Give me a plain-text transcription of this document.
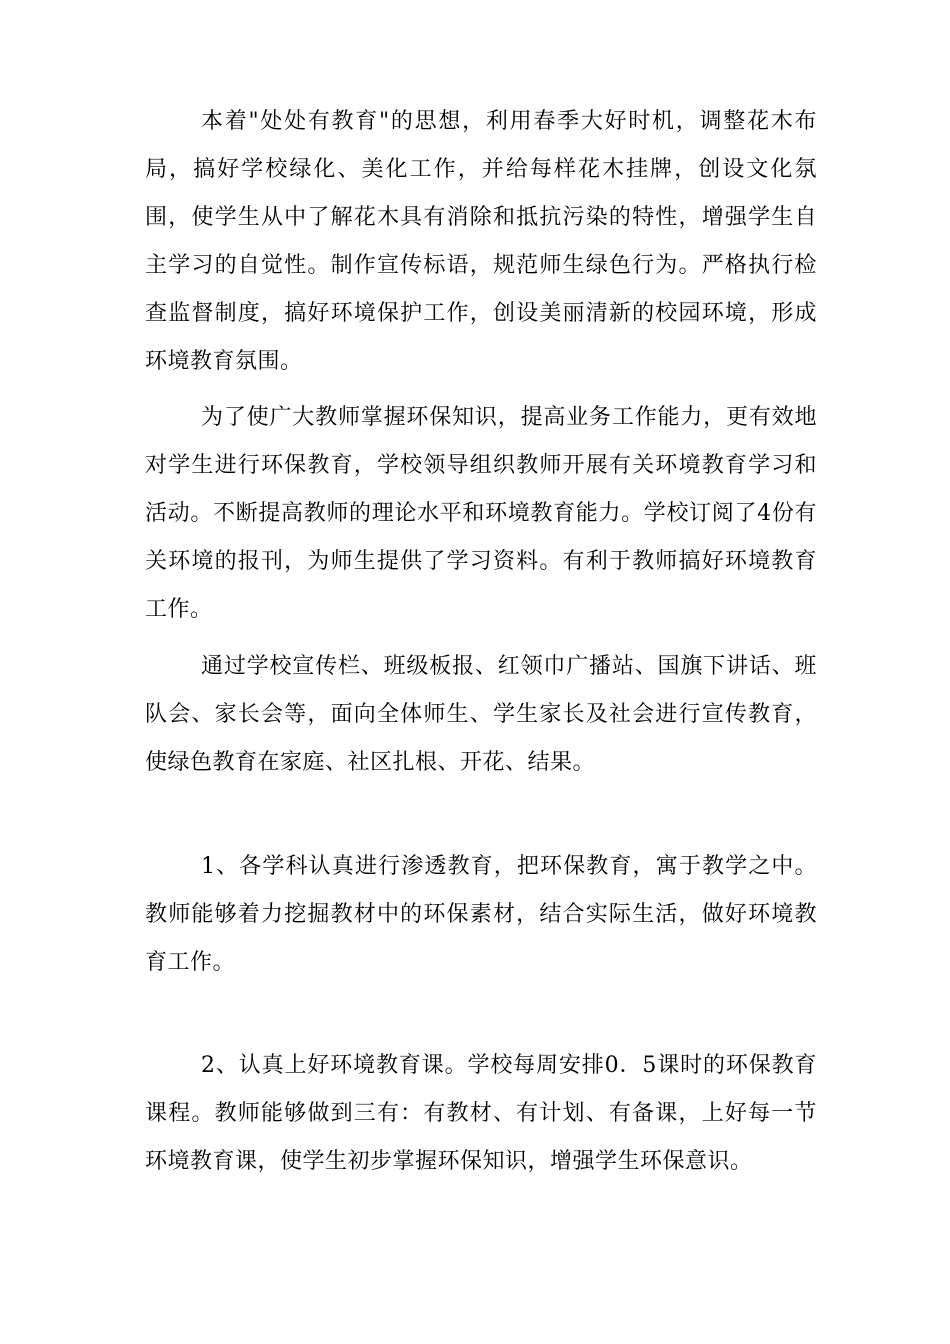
本着"处处有教育"的思想，利用春季大好时机，调整花木布局，搞好学校绿化、美化工作，并给每样花木挂牌，创设文化氛围，使学生从中了解花木具有消除和抵抗污染的特性，增强学生自主学习的自觉性。制作宣传标语，规范师生绿色行为。严格执行检查监督制度，搞好环境保护工作，创设美丽清新的校园环境，形成环境教育氛围。

为了使广大教师掌握环保知识，提高业务工作能力，更有效地对学生进行环保教育，学校领导组织教师开展有关环境教育学习和活动。不断提高教师的理论水平和环境教育能力。学校订阅了4份有关环境的报刊，为师生提供了学习资料。有利于教师搞好环境教育工作。

通过学校宣传栏、班级板报、红领巾广播站、国旗下讲话、班队会、家长会等，面向全体师生、学生家长及社会进行宣传教育，使绿色教育在家庭、社区扎根、开花、结果。

1、各学科认真进行渗透教育，把环保教育，寓于教学之中。教师能够着力挖掘教材中的环保素材，结合实际生活，做好环境教育工作。

2、认真上好环境教育课。学校每周安排0．5课时的环保教育课程。教师能够做到三有：有教材、有计划、有备课，上好每一节环境教育课，使学生初步掌握环保知识，增强学生环保意识。
